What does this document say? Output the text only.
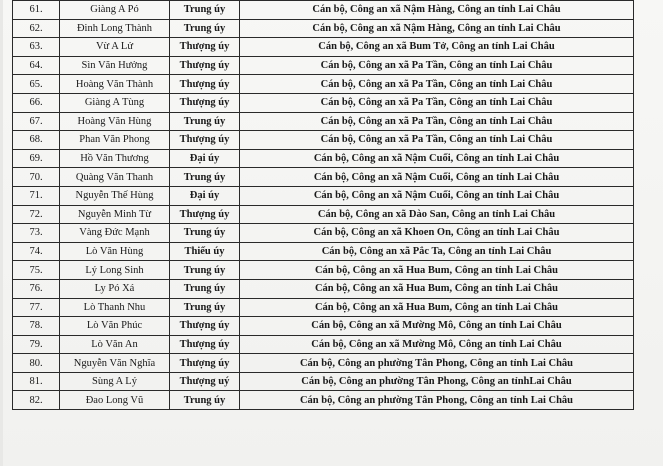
61.	Giàng A Pó	Trung úy	Cán bộ, Công an xã Nậm Hàng, Công an tỉnh Lai Châu
62.	Đinh Long Thành	Trung úy	Cán bộ, Công an xã Nậm Hàng, Công an tỉnh Lai Châu
63.	Vừ A Lử	Thượng úy	Cán bộ, Công an xã Bum Tở, Công an tỉnh Lai Châu
64.	Sìn Văn Hưởng	Thượng úy	Cán bộ, Công an xã Pa Tần, Công an tỉnh Lai Châu
65.	Hoàng Văn Thành	Thượng úy	Cán bộ, Công an xã Pa Tần, Công an tỉnh Lai Châu
66.	Giàng A Tùng	Thượng úy	Cán bộ, Công an xã Pa Tần, Công an tỉnh Lai Châu
67.	Hoàng Văn Hùng	Trung úy	Cán bộ, Công an xã Pa Tần, Công an tỉnh Lai Châu
68.	Phan Văn Phong	Thượng úy	Cán bộ, Công an xã Pa Tần, Công an tỉnh Lai Châu
69.	Hồ Văn Thương	Đại úy	Cán bộ, Công an xã Nậm Cuổi, Công an tỉnh Lai Châu
70.	Quàng Văn Thanh	Trung úy	Cán bộ, Công an xã Nậm Cuổi, Công an tỉnh Lai Châu
71.	Nguyễn Thế Hùng	Đại úy	Cán bộ, Công an xã Nậm Cuổi, Công an tỉnh Lai Châu
72.	Nguyễn Minh Từ	Thượng úy	Cán bộ, Công an xã Dào San, Công an tỉnh Lai Châu
73.	Vàng Đức Mạnh	Trung úy	Cán bộ, Công an xã Khoen On, Công an tỉnh Lai Châu
74.	Lò Văn Hùng	Thiếu úy	Cán bộ, Công an xã Pắc Ta, Công an tỉnh Lai Châu
75.	Lý Long Sinh	Trung úy	Cán bộ, Công an xã Hua Bum, Công an tỉnh Lai Châu
76.	Ly Pó Xá	Trung úy	Cán bộ, Công an xã Hua Bum, Công an tỉnh Lai Châu
77.	Lò Thanh Nhu	Trung úy	Cán bộ, Công an xã Hua Bum, Công an tỉnh Lai Châu
78.	Lò Văn Phúc	Thượng úy	Cán bộ, Công an xã Mường Mô, Công an tỉnh Lai Châu
79.	Lò Văn An	Thượng úy	Cán bộ, Công an xã Mường Mô, Công an tỉnh Lai Châu
80.	Nguyễn Văn Nghĩa	Thượng úy	Cán bộ, Công an phường Tân Phong, Công an tỉnh Lai Châu
81.	Sùng A Lý	Thượng uý	Cán bộ, Công an phường Tân Phong, Công an tỉnhLai Châu
82.	Đao Long Vũ	Trung úy	Cán bộ, Công an phường Tân Phong, Công an tỉnh Lai Châu
